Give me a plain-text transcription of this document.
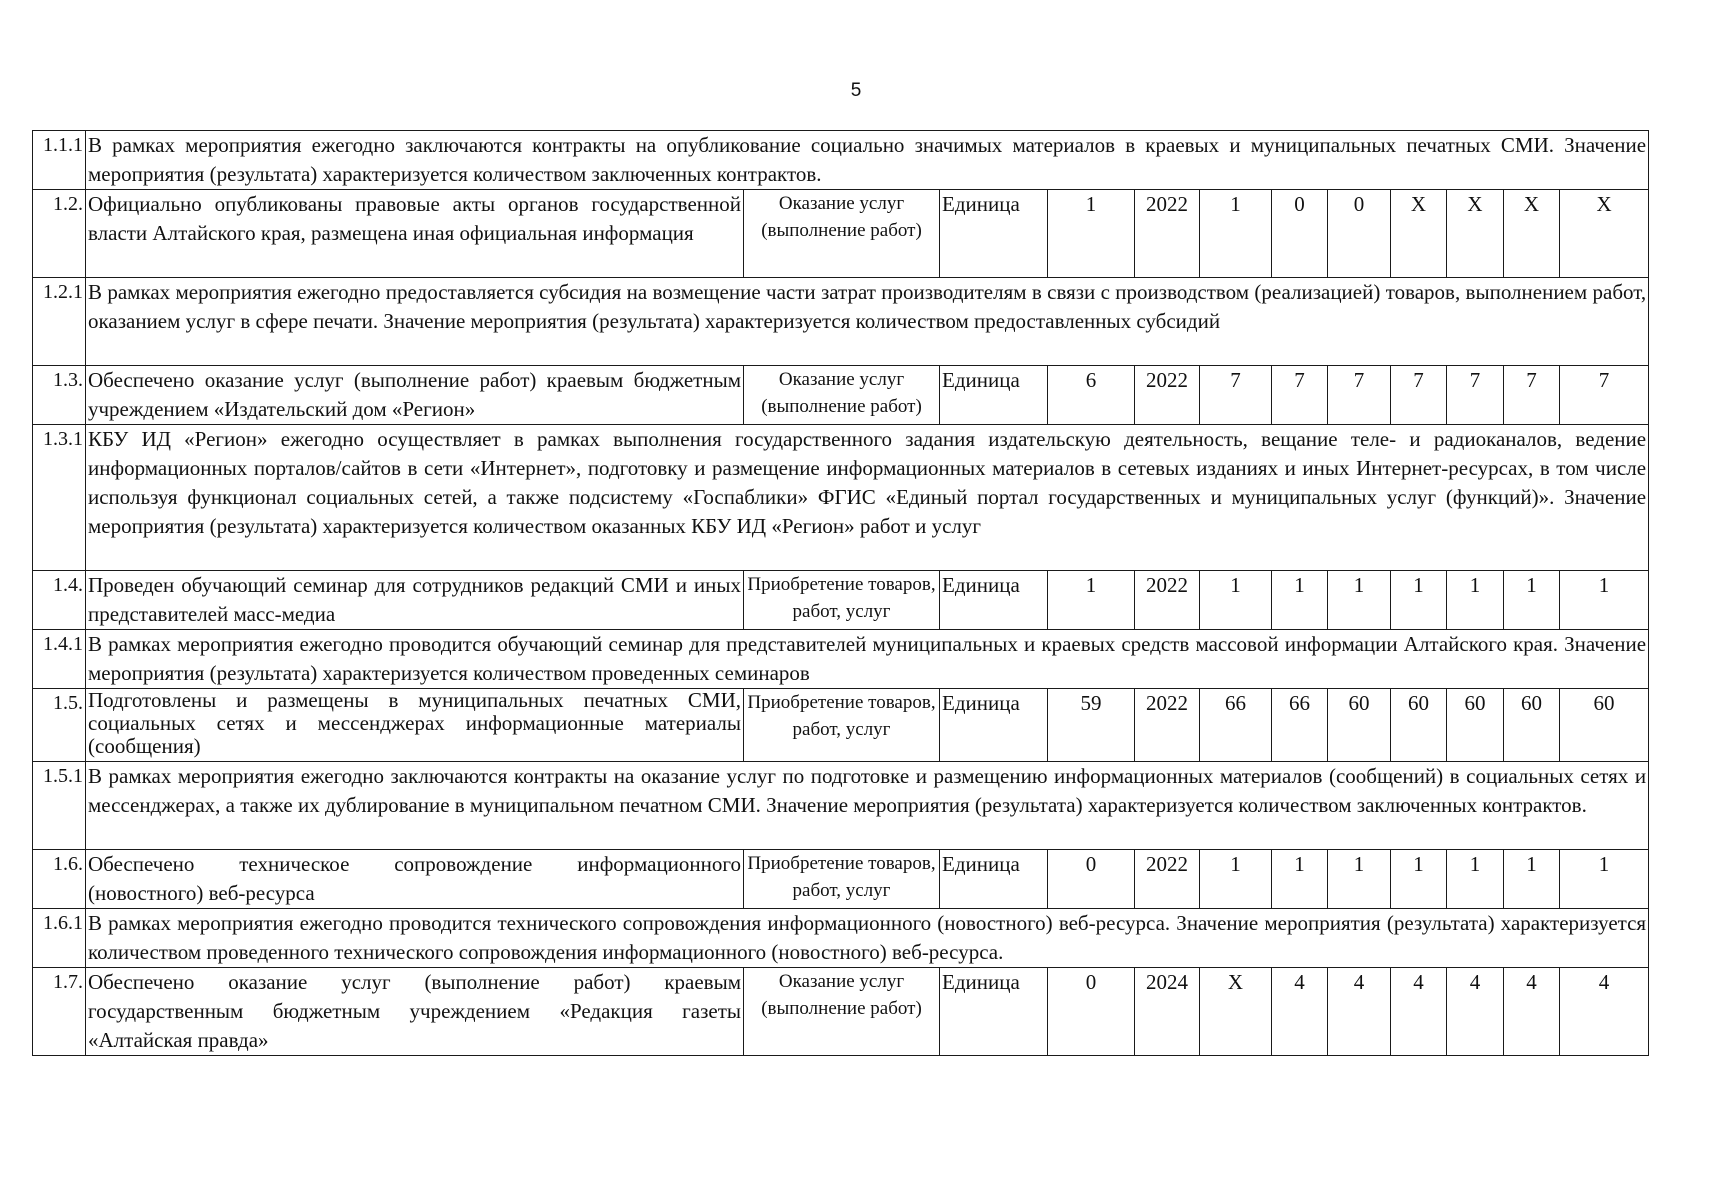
5
1.1.1	В рамках мероприятия ежегодно заключаются контракты на опубликование социально значимых материалов в краевых и муниципальных печатных СМИ. Значение мероприятия (результата) характеризуется количеством заключенных контрактов.											
1.2.	Официально опубликованы правовые акты органов государственной власти Алтайского края, размещена иная официальная информация	Оказание услуг (выполнение работ)	Единица	1	2022	1	0	0	Х	Х	Х	Х
1.2.1	В рамках мероприятия ежегодно предоставляется субсидия на возмещение части затрат производителям в связи с производством (реализацией) товаров, выполнением работ, оказанием услуг в сфере печати. Значение мероприятия (результата) характеризуется количеством предоставленных субсидий											
1.3.	Обеспечено оказание услуг (выполнение работ) краевым бюджетным учреждением «Издательский дом «Регион»	Оказание услуг (выполнение работ)	Единица	6	2022	7	7	7	7	7	7	7
1.3.1	КБУ ИД «Регион» ежегодно осуществляет в рамках выполнения государственного задания издательскую деятельность, вещание теле- и радиоканалов, ведение информационных порталов/сайтов в сети «Интернет», подготовку и размещение информационных материалов в сетевых изданиях и иных Интернет-ресурсах, в том числе используя функционал социальных сетей, а также подсистему «Госпаблики» ФГИС «Единый портал государственных и муниципальных услуг (функций)». Значение мероприятия (результата) характеризуется количеством оказанных КБУ ИД «Регион» работ и услуг											
1.4.	Проведен обучающий семинар для сотрудников редакций СМИ и иных представителей масс-медиа	Приобретение товаров, работ, услуг	Единица	1	2022	1	1	1	1	1	1	1
1.4.1	В рамках мероприятия ежегодно проводится обучающий семинар для представителей муниципальных и краевых средств массовой информации Алтайского края. Значение мероприятия (результата) характеризуется количеством проведенных семинаров											
1.5.	Подготовлены и размещены в муниципальных печатных СМИ, социальных сетях и мессенджерах информационные материалы (сообщения)	Приобретение товаров, работ, услуг	Единица	59	2022	66	66	60	60	60	60	60
1.5.1	В рамках мероприятия ежегодно заключаются контракты на оказание услуг по подготовке и размещению информационных материалов (сообщений) в социальных сетях и мессенджерах, а также их дублирование в муниципальном печатном СМИ. Значение мероприятия (результата) характеризуется количеством заключенных контрактов.											
1.6.	Обеспечено техническое сопровождение информационного (новостного) веб-ресурса	Приобретение товаров, работ, услуг	Единица	0	2022	1	1	1	1	1	1	1
1.6.1	В рамках мероприятия ежегодно проводится технического сопровождения информационного (новостного) веб-ресурса. Значение мероприятия (результата) характеризуется количеством проведенного технического сопровождения информационного (новостного) веб-ресурса.											
1.7.	Обеспечено оказание услуг (выполнение работ) краевым государственным бюджетным учреждением «Редакция газеты «Алтайская правда»	Оказание услуг (выполнение работ)	Единица	0	2024	Х	4	4	4	4	4	4
